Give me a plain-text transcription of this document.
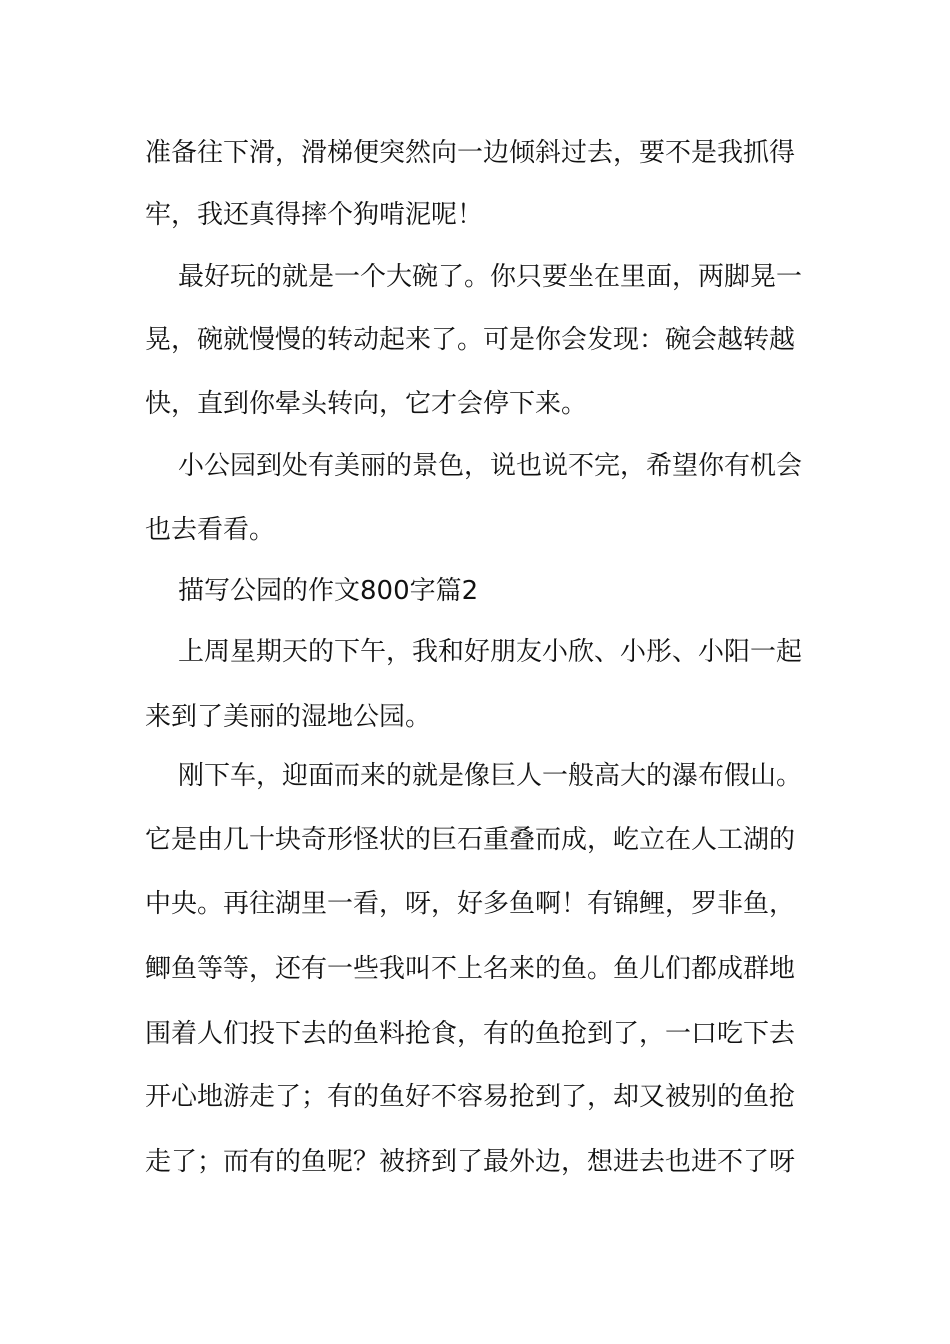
准备往下滑，滑梯便突然向一边倾斜过去，要不是我抓得
牢，我还真得摔个狗啃泥呢！
最好玩的就是一个大碗了。你只要坐在里面，两脚晃一
晃，碗就慢慢的转动起来了。可是你会发现：碗会越转越
快，直到你晕头转向，它才会停下来。
小公园到处有美丽的景色，说也说不完，希望你有机会
也去看看。
描写公园的作文800字篇2
上周星期天的下午，我和好朋友小欣、小彤、小阳一起
来到了美丽的湿地公园。
刚下车，迎面而来的就是像巨人一般高大的瀑布假山。
它是由几十块奇形怪状的巨石重叠而成，屹立在人工湖的
中央。再往湖里一看，呀，好多鱼啊！有锦鲤，罗非鱼，
鲫鱼等等，还有一些我叫不上名来的鱼。鱼儿们都成群地
围着人们投下去的鱼料抢食，有的鱼抢到了，一口吃下去
开心地游走了；有的鱼好不容易抢到了，却又被别的鱼抢
走了；而有的鱼呢？被挤到了最外边，想进去也进不了呀
